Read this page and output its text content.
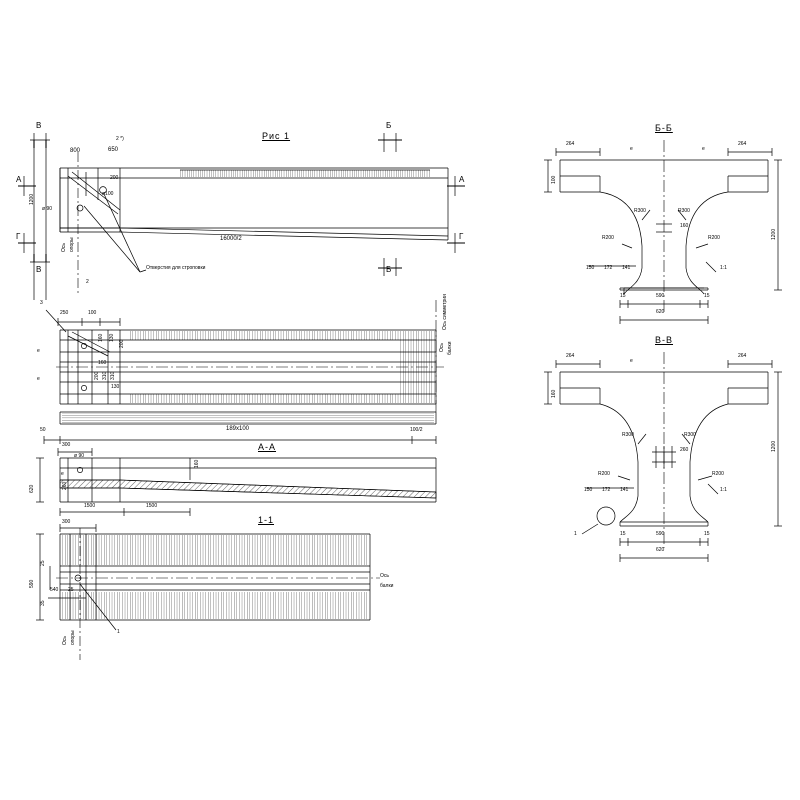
Рис 1
А-А
1-1
Б-Б
В-В
В	Б
А
А
Г	Г
В	Б
800	650
2 *)
200
ø100
1200
ø 90
16000/2
Ось опоры
2
Отверстия для строповки
3
250	100
160 130
200
310
310
200
160
130
e
e
Ось симметрии
Ось балки
50	189x100	100/2
300
ø 90
160
620	260
e
1500	1500
300
25
590
35
540 25
Ось
балки
1
Ось опоры
264	264
e	e
100
R300	R300
160
1200
R200	R200
150 172 141	1:1
15	590	15
620
264	264
e
160
R300	R300
260	1200
R200	R200
150 172 141	1:1
1	15	590	15
620
